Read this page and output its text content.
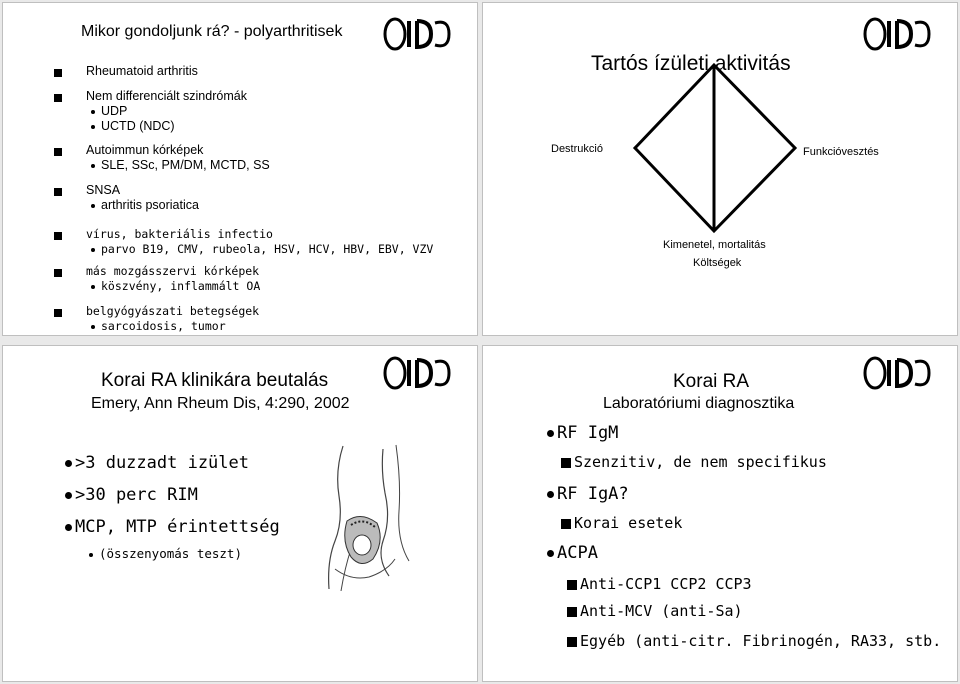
Mikor gondoljunk rá? - polyarthritisek
Rheumatoid arthritis
Nem differenciált szindrómák
UDP
UCTD (NDC)
Autoimmun kórképek
SLE, SSc, PM/DM, MCTD, SS
SNSA
arthritis psoriatica
vírus, bakteriális infectio
parvo B19, CMV, rubeola, HSV, HCV, HBV, EBV, VZV
más mozgásszervi kórképek
köszvény, inflammált OA
belgyógyászati betegségek
sarcoidosis, tumor
Tartós ízületi aktivitás
Destrukció	Funkcióvesztés
Kimenetel, mortalitás
Költségek
Korai RA klinikára beutalás
Emery, Ann Rheum Dis, 4:290, 2002
>3 duzzadt izület
>30 perc RIM
MCP, MTP érintettség
(összenyomás teszt)
Korai RA
Laboratóriumi diagnosztika
RF IgM
Szenzitiv, de nem specifikus
RF IgA?
Korai esetek
ACPA
Anti-CCP1 CCP2 CCP3
Anti-MCV (anti-Sa)
Egyéb (anti-citr. Fibrinogén, RA33, stb.
